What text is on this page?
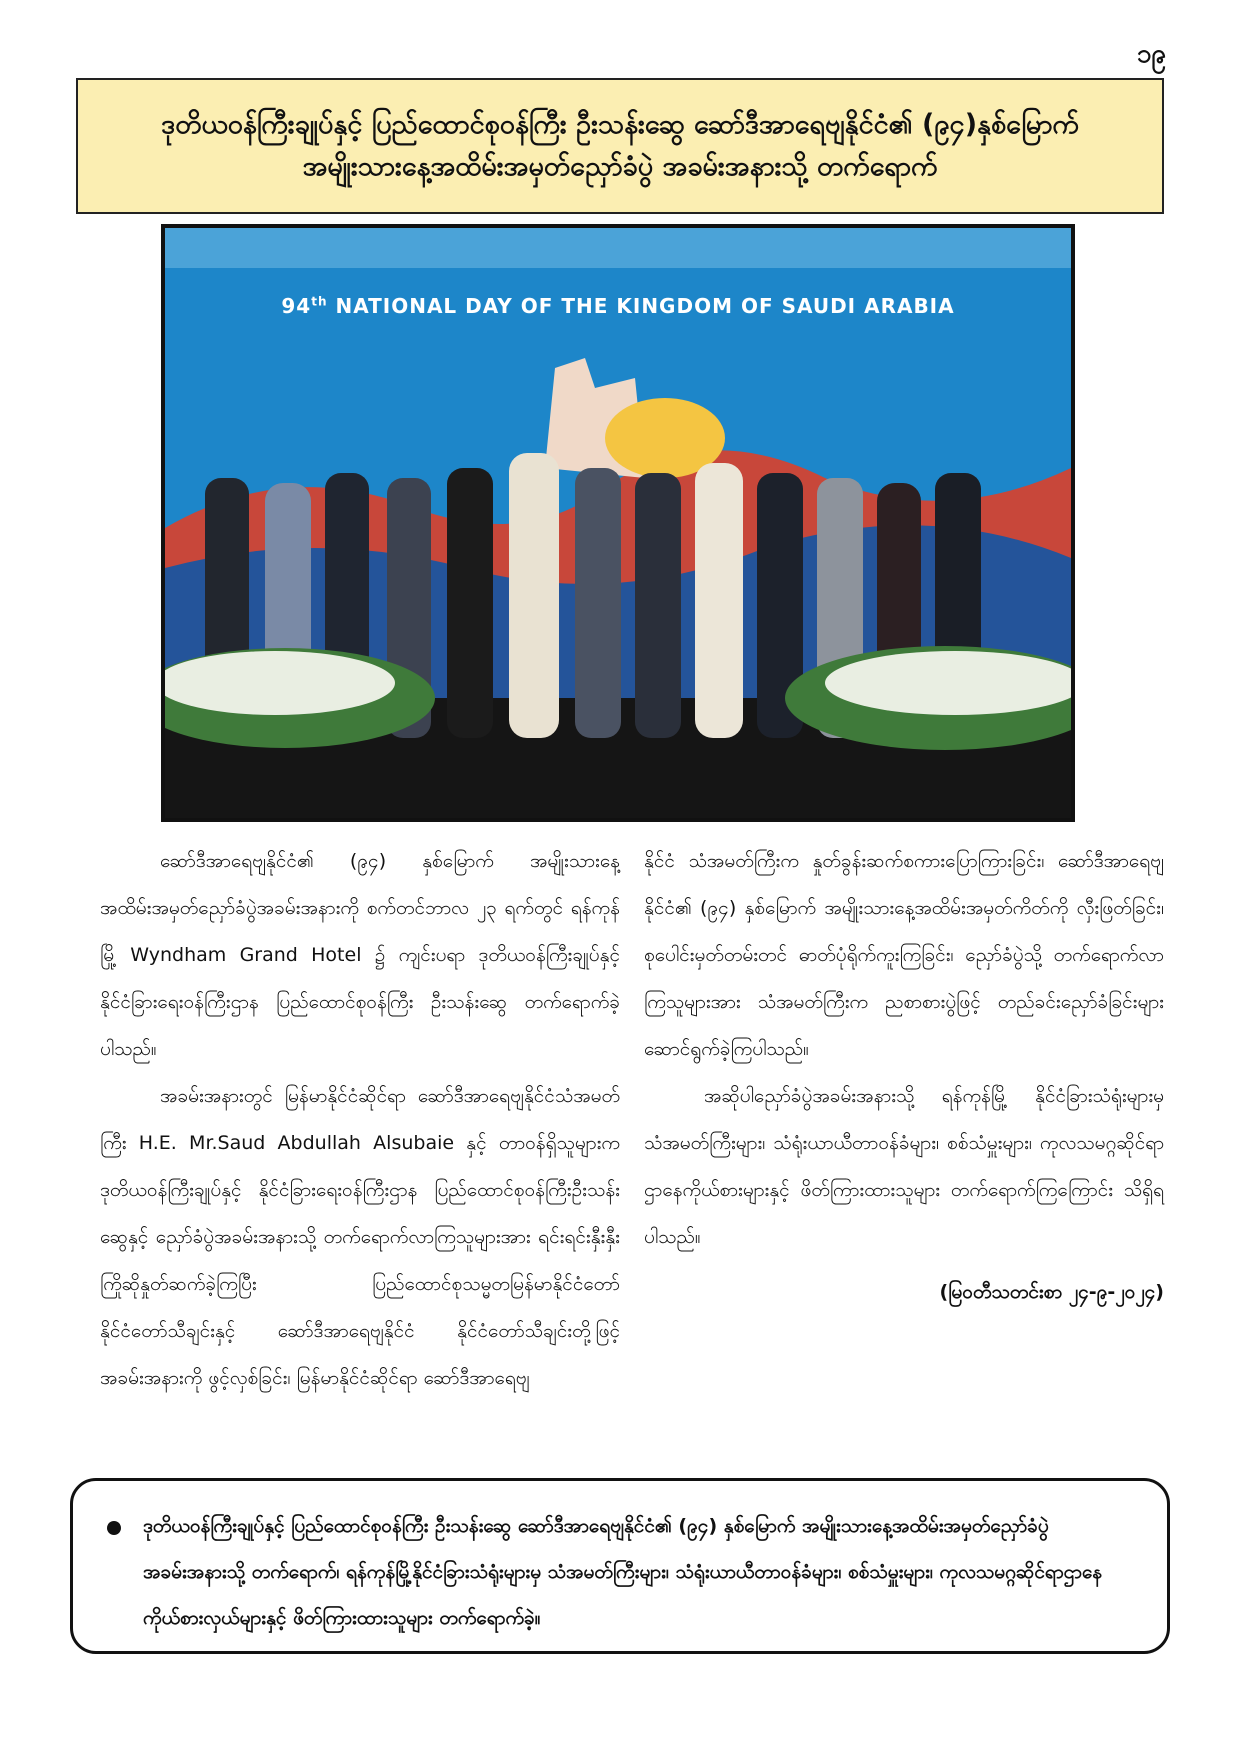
၁၉
ဒုတိယဝန်ကြီးချုပ်နှင့် ပြည်ထောင်စုဝန်ကြီး ဦးသန်းဆွေ ဆော်ဒီအာရေဗျနိုင်ငံ၏ (၉၄)နှစ်မြောက်
အမျိုးသားနေ့အထိမ်းအမှတ်ညှော်ခံပွဲ အခမ်းအနားသို့ တက်ရောက်
94th NATIONAL DAY OF THE KINGDOM OF SAUDI ARABIA

ဆော်ဒီအာရေဗျနိုင်ငံ၏ (၉၄) နှစ်မြောက် အမျိုးသားနေ့အထိမ်းအမှတ်ညှော်ခံပွဲအခမ်းအနားကို စက်တင်ဘာလ ၂၃ ရက်တွင် ရန်ကုန်မြို့ Wyndham Grand Hotel ၌ ကျင်းပရာ ဒုတိယဝန်ကြီးချုပ်နှင့် နိုင်ငံခြားရေးဝန်ကြီးဌာန ပြည်ထောင်စုဝန်ကြီး ဦးသန်းဆွေ တက်ရောက်ခဲ့ပါသည်။

အခမ်းအနားတွင် မြန်မာနိုင်ငံဆိုင်ရာ ဆော်ဒီအာရေဗျနိုင်ငံသံအမတ်ကြီး H.E. Mr.Saud Abdullah Alsubaie နှင့် တာဝန်ရှိသူများက ဒုတိယဝန်ကြီးချုပ်နှင့် နိုင်ငံခြားရေးဝန်ကြီးဌာန ပြည်ထောင်စုဝန်ကြီးဦးသန်းဆွေနှင့် ညှော်ခံပွဲအခမ်းအနားသို့ တက်ရောက်လာကြသူများအား ရင်းရင်းနှီးနှီး ကြိုဆိုနှုတ်ဆက်ခဲ့ကြပြီး ပြည်ထောင်စုသမ္မတမြန်မာနိုင်ငံတော် နိုင်ငံတော်သီချင်းနှင့် ဆော်ဒီအာရေဗျနိုင်ငံ နိုင်ငံတော်သီချင်းတို့ဖြင့် အခမ်းအနားကို ဖွင့်လှစ်ခြင်း၊ မြန်မာနိုင်ငံဆိုင်ရာ ဆော်ဒီအာရေဗျ

နိုင်ငံ သံအမတ်ကြီးက နှုတ်ခွန်းဆက်စကားပြောကြားခြင်း၊ ဆော်ဒီအာရေဗျနိုင်ငံ၏ (၉၄) နှစ်မြောက် အမျိုးသားနေ့အထိမ်းအမှတ်ကိတ်ကို လှီးဖြတ်ခြင်း၊ စုပေါင်းမှတ်တမ်းတင် ဓာတ်ပုံရိုက်ကူးကြခြင်း၊ ညှော်ခံပွဲသို့ တက်ရောက်လာကြသူများအား သံအမတ်ကြီးက ညစာစားပွဲဖြင့် တည်ခင်းညှော်ခံခြင်းများ ဆောင်ရွက်ခဲ့ကြပါသည်။

အဆိုပါညှော်ခံပွဲအခမ်းအနားသို့ ရန်ကုန်မြို့ နိုင်ငံခြားသံရုံးများမှ သံအမတ်ကြီးများ၊ သံရုံးယာယီတာဝန်ခံများ၊ စစ်သံမှူးများ၊ ကုလသမဂ္ဂဆိုင်ရာဌာနေကိုယ်စားများနှင့် ဖိတ်ကြားထားသူများ တက်ရောက်ကြကြောင်း သိရှိရပါသည်။

(မြဝတီသတင်းစာ ၂၄-၉-၂၀၂၄)
ဒုတိယဝန်ကြီးချုပ်နှင့် ပြည်ထောင်စုဝန်ကြီး ဦးသန်းဆွေ ဆော်ဒီအာရေဗျနိုင်ငံ၏ (၉၄) နှစ်မြောက် အမျိုးသားနေ့အထိမ်းအမှတ်ညှော်ခံပွဲအခမ်းအနားသို့ တက်ရောက်၊ ရန်ကုန်မြို့နိုင်ငံခြားသံရုံးများမှ သံအမတ်ကြီးများ၊ သံရုံးယာယီတာဝန်ခံများ၊ စစ်သံမှူးများ၊ ကုလသမဂ္ဂဆိုင်ရာဌာနေ ကိုယ်စားလှယ်များနှင့် ဖိတ်ကြားထားသူများ တက်ရောက်ခဲ့။
